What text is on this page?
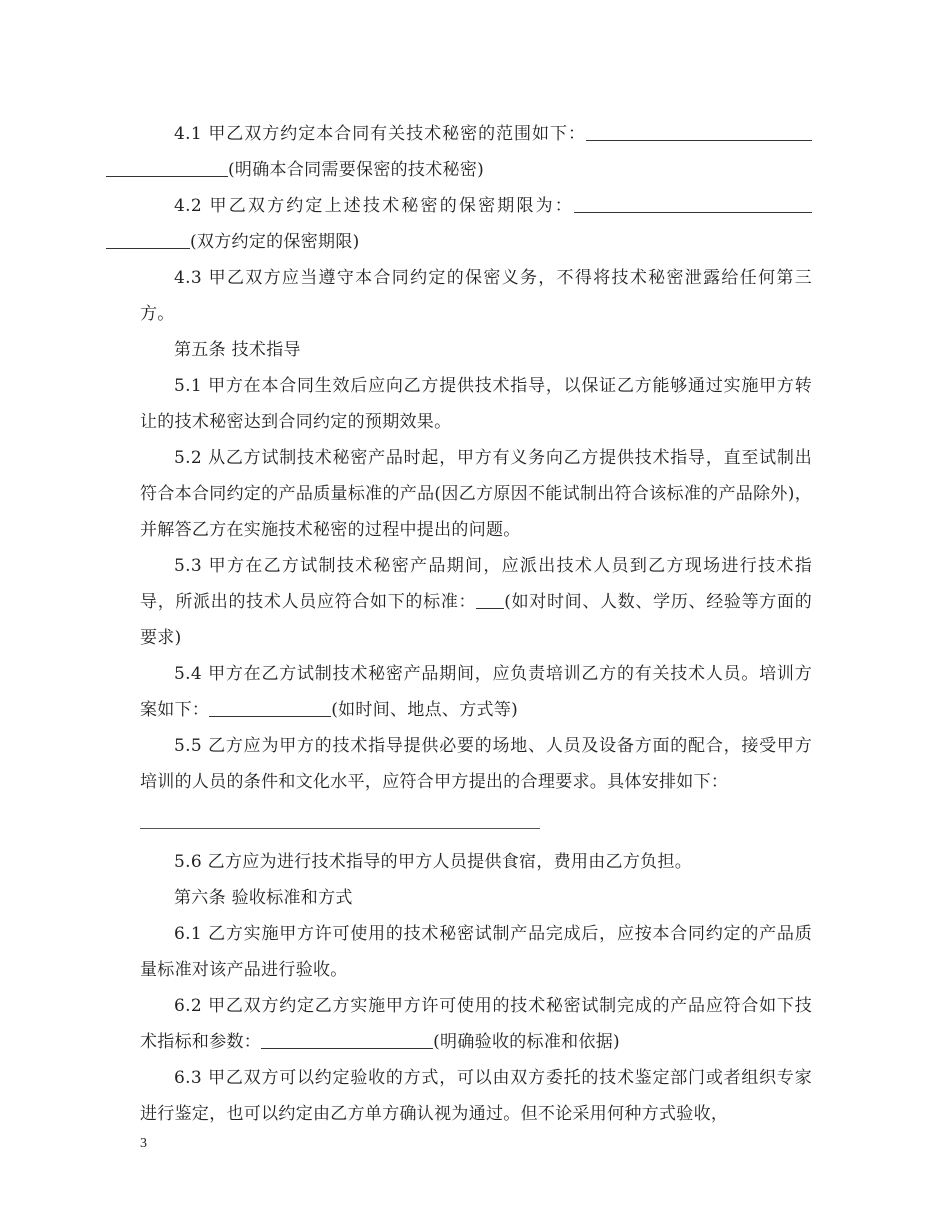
4.1 甲乙双方约定本合同有关技术秘密的范围如下：(明确本合同需要保密的技术秘密)

4.2 甲乙双方约定上述技术秘密的保密期限为：(双方约定的保密期限)

4.3 甲乙双方应当遵守本合同约定的保密义务，不得将技术秘密泄露给任何第三方。

第五条 技术指导

5.1 甲方在本合同生效后应向乙方提供技术指导，以保证乙方能够通过实施甲方转让的技术秘密达到合同约定的预期效果。

5.2 从乙方试制技术秘密产品时起，甲方有义务向乙方提供技术指导，直至试制出符合本合同约定的产品质量标准的产品(因乙方原因不能试制出符合该标准的产品除外)，并解答乙方在实施技术秘密的过程中提出的问题。

5.3 甲方在乙方试制技术秘密产品期间，应派出技术人员到乙方现场进行技术指导，所派出的技术人员应符合如下的标准： (如对时间、人数、学历、经验等方面的要求)

5.4 甲方在乙方试制技术秘密产品期间，应负责培训乙方的有关技术人员。培训方案如下：	(如时间、地点、方式等)

5.5 乙方应为甲方的技术指导提供必要的场地、人员及设备方面的配合，接受甲方培训的人员的条件和文化水平，应符合甲方提出的合理要求。具体安排如下：

5.6 乙方应为进行技术指导的甲方人员提供食宿，费用由乙方负担。

第六条 验收标准和方式

6.1 乙方实施甲方许可使用的技术秘密试制产品完成后，应按本合同约定的产品质量标准对该产品进行验收。

6.2 甲乙双方约定乙方实施甲方许可使用的技术秘密试制完成的产品应符合如下技术指标和参数：	(明确验收的标准和依据)

6.3 甲乙双方可以约定验收的方式，可以由双方委托的技术鉴定部门或者组织专家进行鉴定，也可以约定由乙方单方确认视为通过。但不论采用何种方式验收，

3
